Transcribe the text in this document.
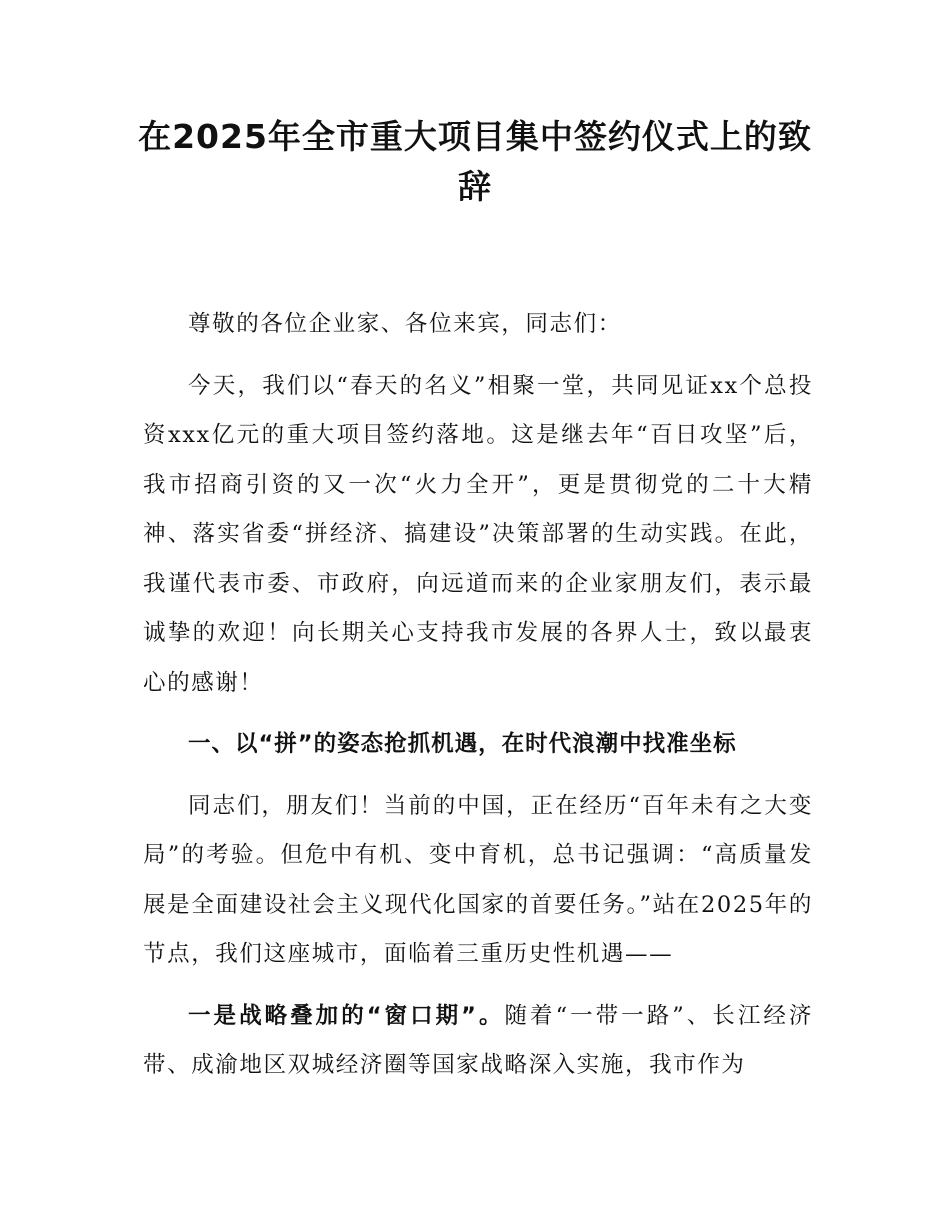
在2025年全市重大项目集中签约仪式上的致辞

尊敬的各位企业家、各位来宾，同志们：

今天，我们以“春天的名义”相聚一堂，共同见证xx个总投资xxx亿元的重大项目签约落地。这是继去年“百日攻坚”后，我市招商引资的又一次“火力全开”，更是贯彻党的二十大精神、落实省委“拼经济、搞建设”决策部署的生动实践。在此，我谨代表市委、市政府，向远道而来的企业家朋友们，表示最诚挚的欢迎！向长期关心支持我市发展的各界人士，致以最衷心的感谢！

一、以“拼”的姿态抢抓机遇，在时代浪潮中找准坐标

同志们，朋友们！当前的中国，正在经历“百年未有之大变局”的考验。但危中有机、变中育机，总书记强调：“高质量发展是全面建设社会主义现代化国家的首要任务。”站在2025年的节点，我们这座城市，面临着三重历史性机遇——

一是战略叠加的“窗口期”。随着“一带一路”、长江经济带、成渝地区双城经济圈等国家战略深入实施，我市作为
